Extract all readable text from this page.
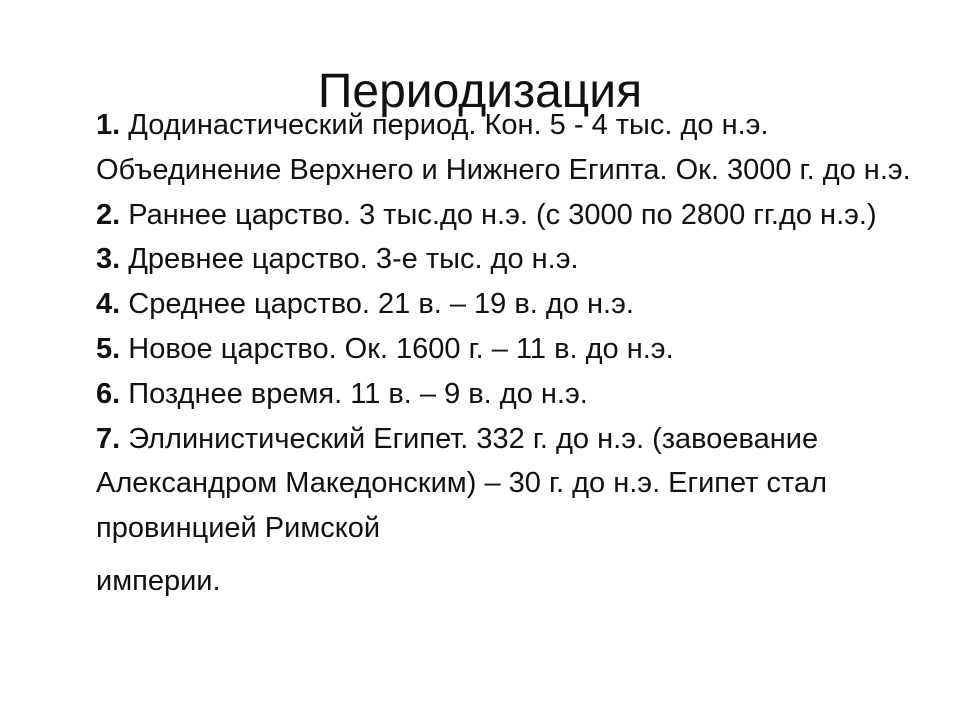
Периодизация
1. Додинастический период. Кон. 5 - 4 тыс. до н.э. Объединение Верхнего и Нижнего Египта. Ок. 3000 г. до н.э.
2. Раннее царство. 3 тыс.до н.э. (с 3000 по 2800 гг.до н.э.)
3. Древнее царство. 3-е тыс. до н.э.
4. Среднее царство. 21 в. – 19 в. до н.э.
5. Новое царство. Ок. 1600 г. – 11 в. до н.э.
6. Позднее время. 11 в. – 9 в. до н.э.
7. Эллинистический Египет. 332 г. до н.э. (завоевание Александром Македонским) – 30 г. до н.э. Египет стал провинцией Римской
империи.
